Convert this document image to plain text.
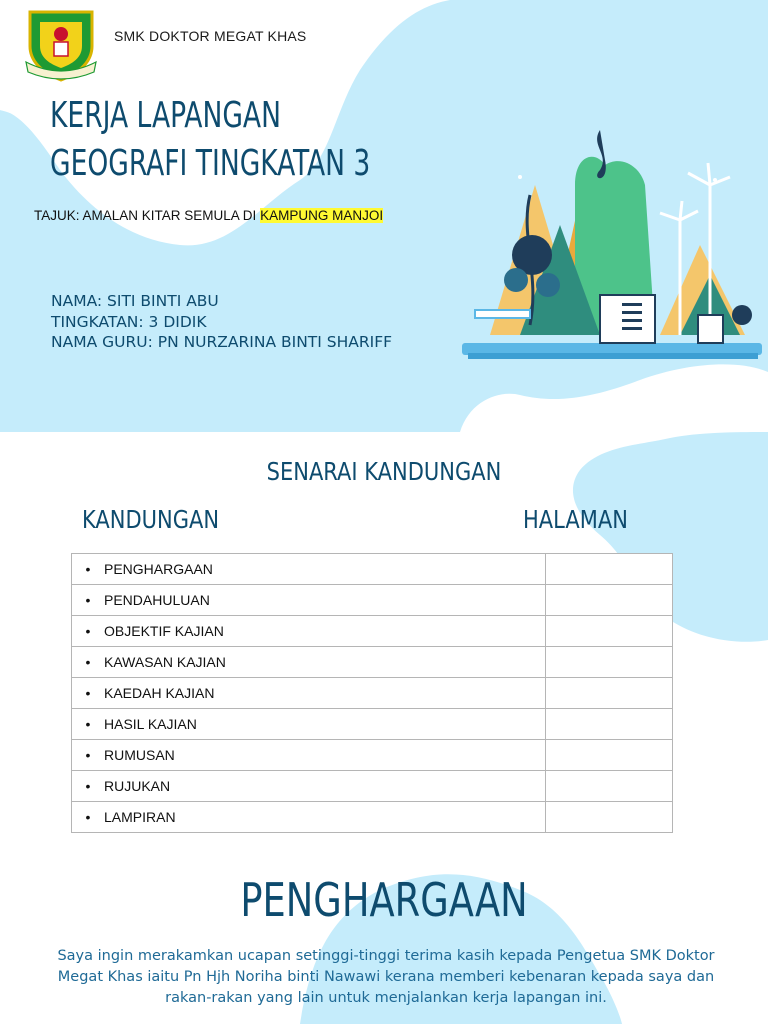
SMK DOKTOR MEGAT KHAS
KERJA LAPANGAN
GEOGRAFI TINGKATAN 3
TAJUK: AMALAN KITAR SEMULA DI KAMPUNG MANJOI
NAMA: SITI BINTI ABU
TINGKATAN: 3 DIDIK
NAMA GURU: PN NURZARINA BINTI SHARIFF
SENARAI KANDUNGAN
KANDUNGAN	HALAMAN
• PENGHARGAAN	
• PENDAHULUAN	
• OBJEKTIF KAJIAN	
• KAWASAN KAJIAN	
• KAEDAH KAJIAN	
• HASIL KAJIAN	
• RUMUSAN	
• RUJUKAN	
• LAMPIRAN	
PENGHARGAAN
Saya ingin merakamkan ucapan setinggi-tinggi terima kasih kepada Pengetua SMK Doktor Megat Khas iaitu Pn Hjh Noriha binti Nawawi kerana memberi kebenaran kepada saya dan rakan-rakan yang lain untuk menjalankan kerja lapangan ini.
